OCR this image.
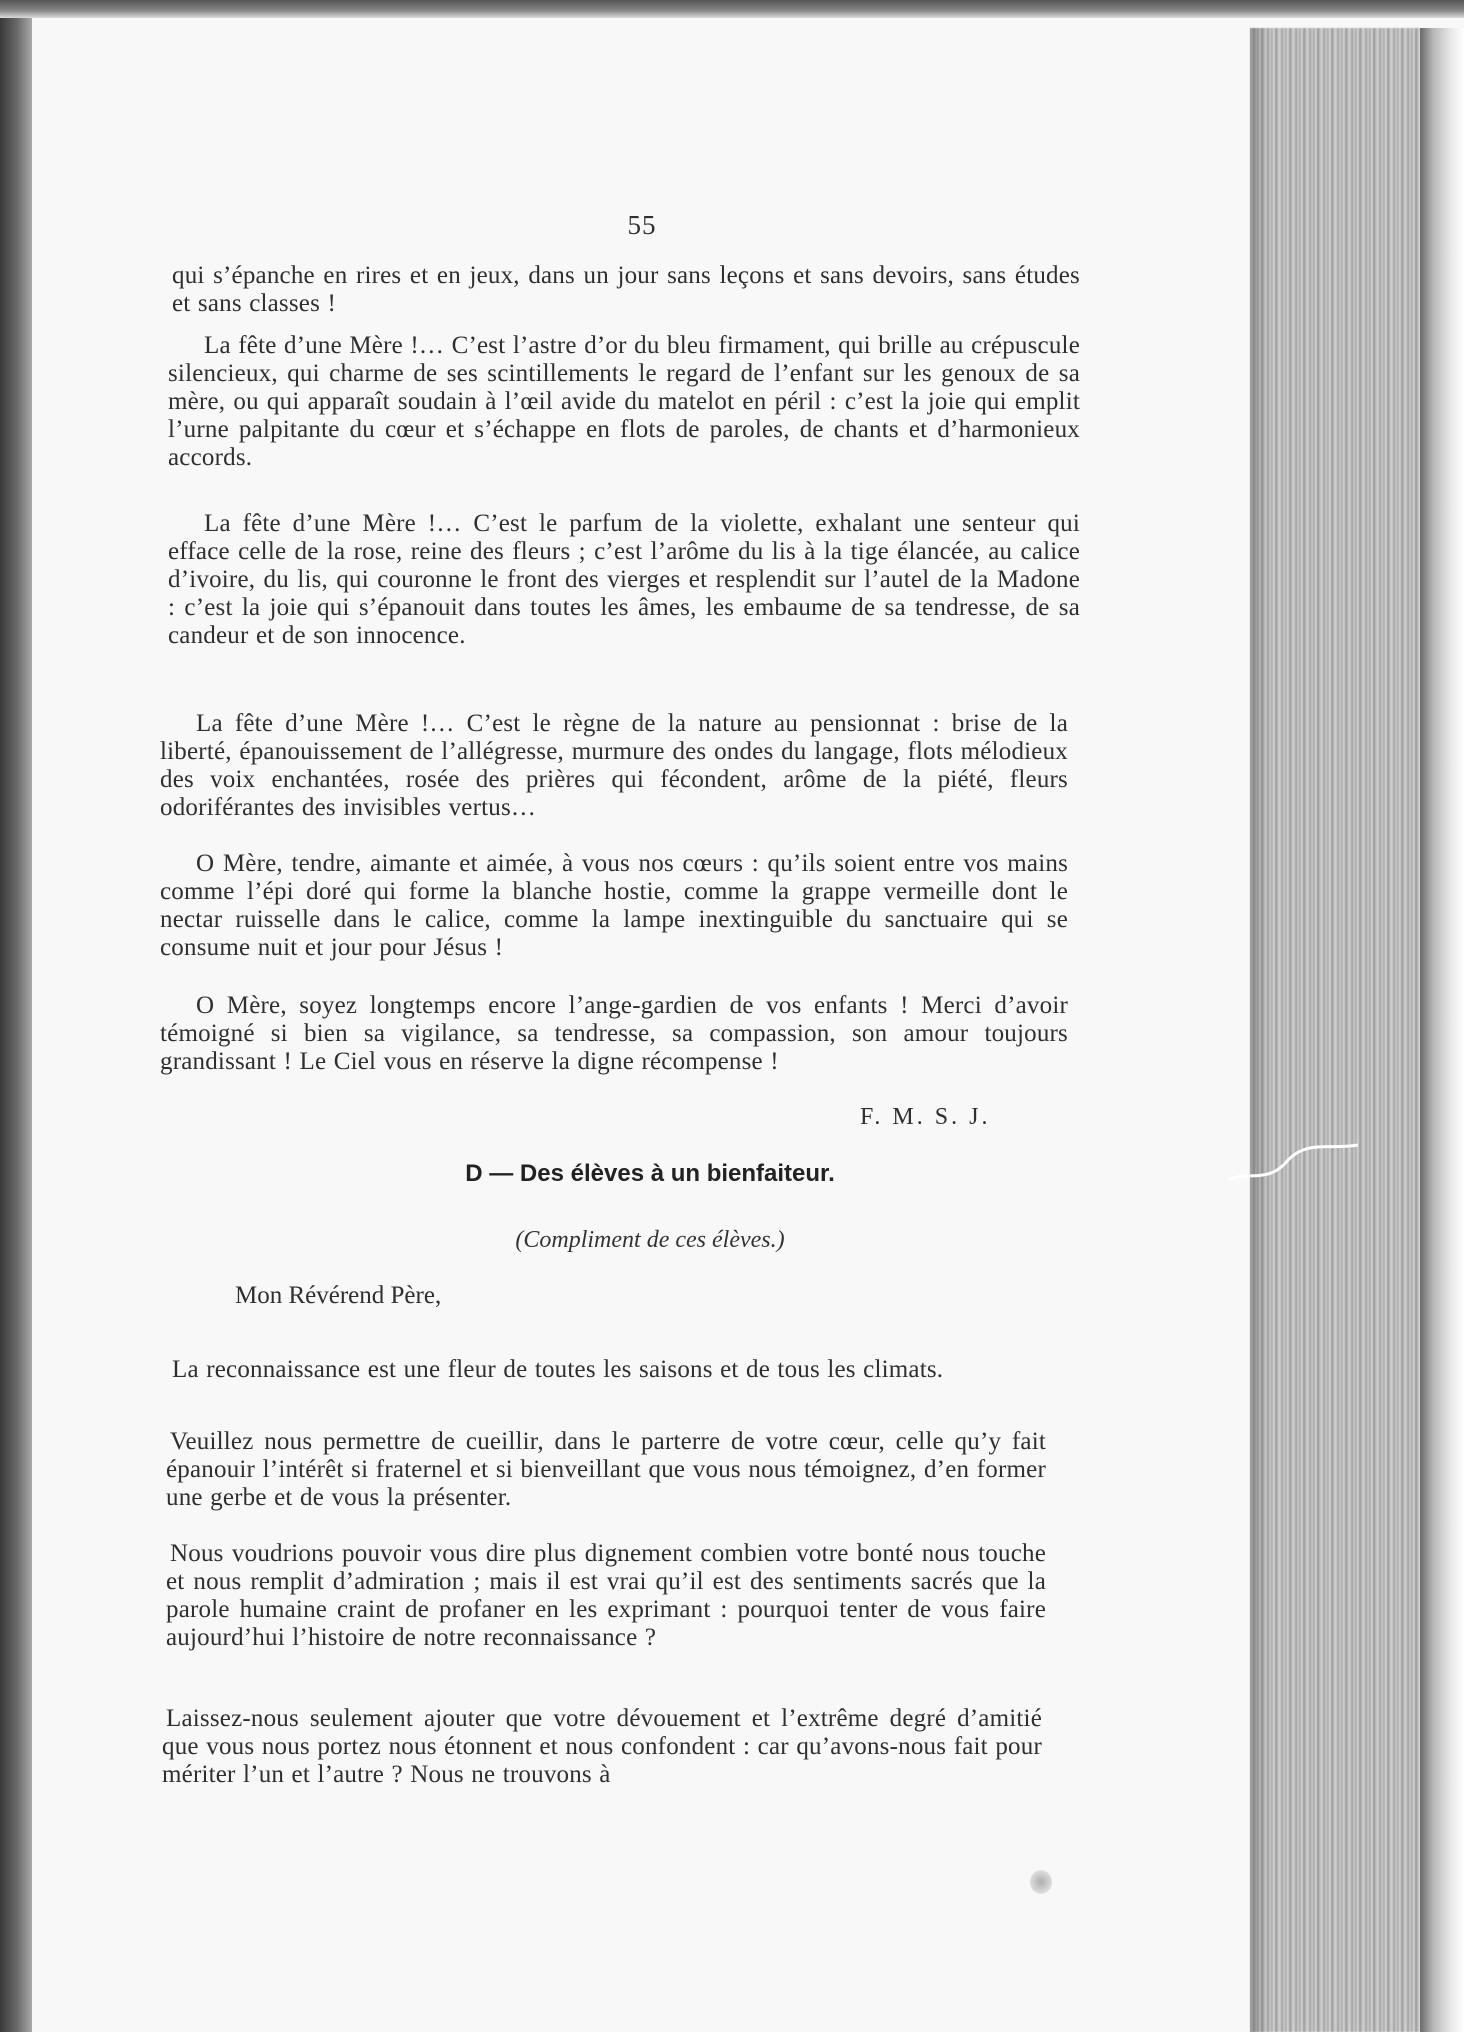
55
qui s’épanche en rires et en jeux, dans un jour sans leçons et sans devoirs, sans études et sans classes !
La fête d’une Mère !… C’est l’astre d’or du bleu firmament, qui brille au crépuscule silencieux, qui charme de ses scintillements le regard de l’enfant sur les genoux de sa mère, ou qui apparaît soudain à l’œil avide du matelot en péril : c’est la joie qui emplit l’urne palpitante du cœur et s’échappe en flots de paroles, de chants et d’harmonieux accords.
La fête d’une Mère !… C’est le parfum de la violette, exhalant une senteur qui efface celle de la rose, reine des fleurs ; c’est l’arôme du lis à la tige élancée, au calice d’ivoire, du lis, qui couronne le front des vierges et resplendit sur l’autel de la Madone : c’est la joie qui s’épanouit dans toutes les âmes, les embaume de sa tendresse, de sa candeur et de son innocence.
La fête d’une Mère !… C’est le règne de la nature au pensionnat : brise de la liberté, épanouissement de l’allégresse, murmure des ondes du langage, flots mélodieux des voix enchantées, rosée des prières qui fécondent, arôme de la piété, fleurs odoriférantes des invisibles vertus…
O Mère, tendre, aimante et aimée, à vous nos cœurs : qu’ils soient entre vos mains comme l’épi doré qui forme la blanche hostie, comme la grappe vermeille dont le nectar ruisselle dans le calice, comme la lampe inextinguible du sanctuaire qui se consume nuit et jour pour Jésus !
O Mère, soyez longtemps encore l’ange-gardien de vos enfants ! Merci d’avoir témoigné si bien sa vigilance, sa tendresse, sa compassion, son amour toujours grandissant ! Le Ciel vous en réserve la digne récompense !
F. M. S. J.
D — Des élèves à un bienfaiteur.
(Compliment de ces élèves.)
Mon Révérend Père,
La reconnaissance est une fleur de toutes les saisons et de tous les climats.
Veuillez nous permettre de cueillir, dans le parterre de votre cœur, celle qu’y fait épanouir l’intérêt si fraternel et si bienveillant que vous nous témoignez, d’en former une gerbe et de vous la présenter.
Nous voudrions pouvoir vous dire plus dignement combien votre bonté nous touche et nous remplit d’admiration ; mais il est vrai qu’il est des sentiments sacrés que la parole humaine craint de profaner en les exprimant : pourquoi tenter de vous faire aujourd’hui l’histoire de notre reconnaissance ?
Laissez-nous seulement ajouter que votre dévouement et l’extrême degré d’amitié que vous nous portez nous étonnent et nous confondent : car qu’avons-nous fait pour mériter l’un et l’autre ? Nous ne trouvons à
